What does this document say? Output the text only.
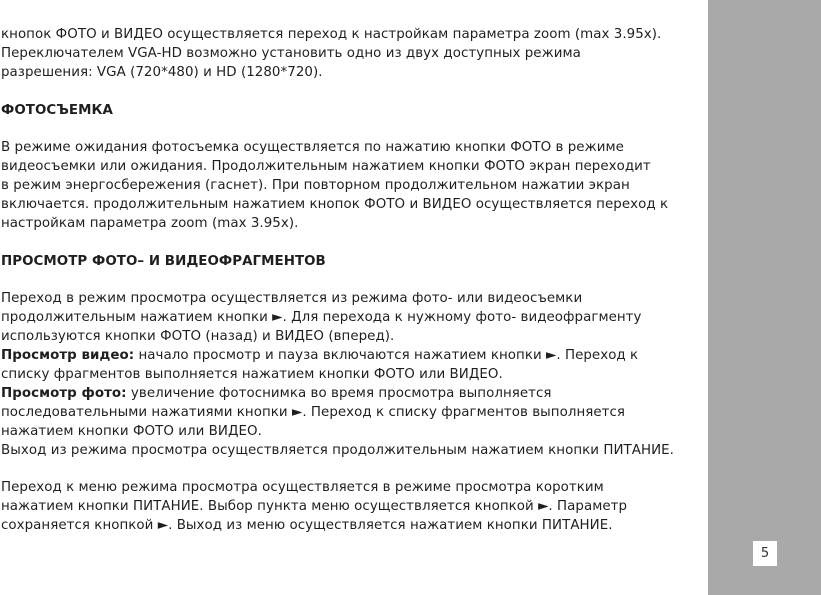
кнопок ФОТО и ВИДЕО осуществляется переход к настройкам параметра zoom (max 3.95x).
Переключателем VGA-HD возможно установить одно из двух доступных режима
разрешения: VGA (720*480) и HD (1280*720).
ФОТОСЪЕМКА
В режиме ожидания фотосъемка осуществляется по нажатию кнопки ФОТО в режиме
видеосъемки или ожидания. Продолжительным нажатием кнопки ФОТО экран переходит
в режим энергосбережения (гаснет). При повторном продолжительном нажатии экран
включается. продолжительным нажатием кнопок ФОТО и ВИДЕО осуществляется переход к
настройкам параметра zoom (max 3.95x).
ПРОСМОТР ФОТО– И ВИДЕОФРАГМЕНТОВ
Переход в режим просмотра осуществляется из режима фото- или видеосъемки
продолжительным нажатием кнопки ►. Для перехода к нужному фото- видеофрагменту
используются кнопки ФОТО (назад) и ВИДЕО (вперед).
Просмотр видео: начало просмотр и пауза включаются нажатием кнопки ►. Переход к
списку фрагментов выполняется нажатием кнопки ФОТО или ВИДЕО.
Просмотр фото: увеличение фотоснимка во время просмотра выполняется
последовательными нажатиями кнопки ►. Переход к списку фрагментов выполняется
нажатием кнопки ФОТО или ВИДЕО.
Выход из режима просмотра осуществляется продолжительным нажатием кнопки ПИТАНИЕ.
Переход к меню режима просмотра осуществляется в режиме просмотра коротким
нажатием кнопки ПИТАНИЕ. Выбор пункта меню осуществляется кнопкой ►. Параметр
сохраняется кнопкой ►. Выход из меню осуществляется нажатием кнопки ПИТАНИЕ.
5
